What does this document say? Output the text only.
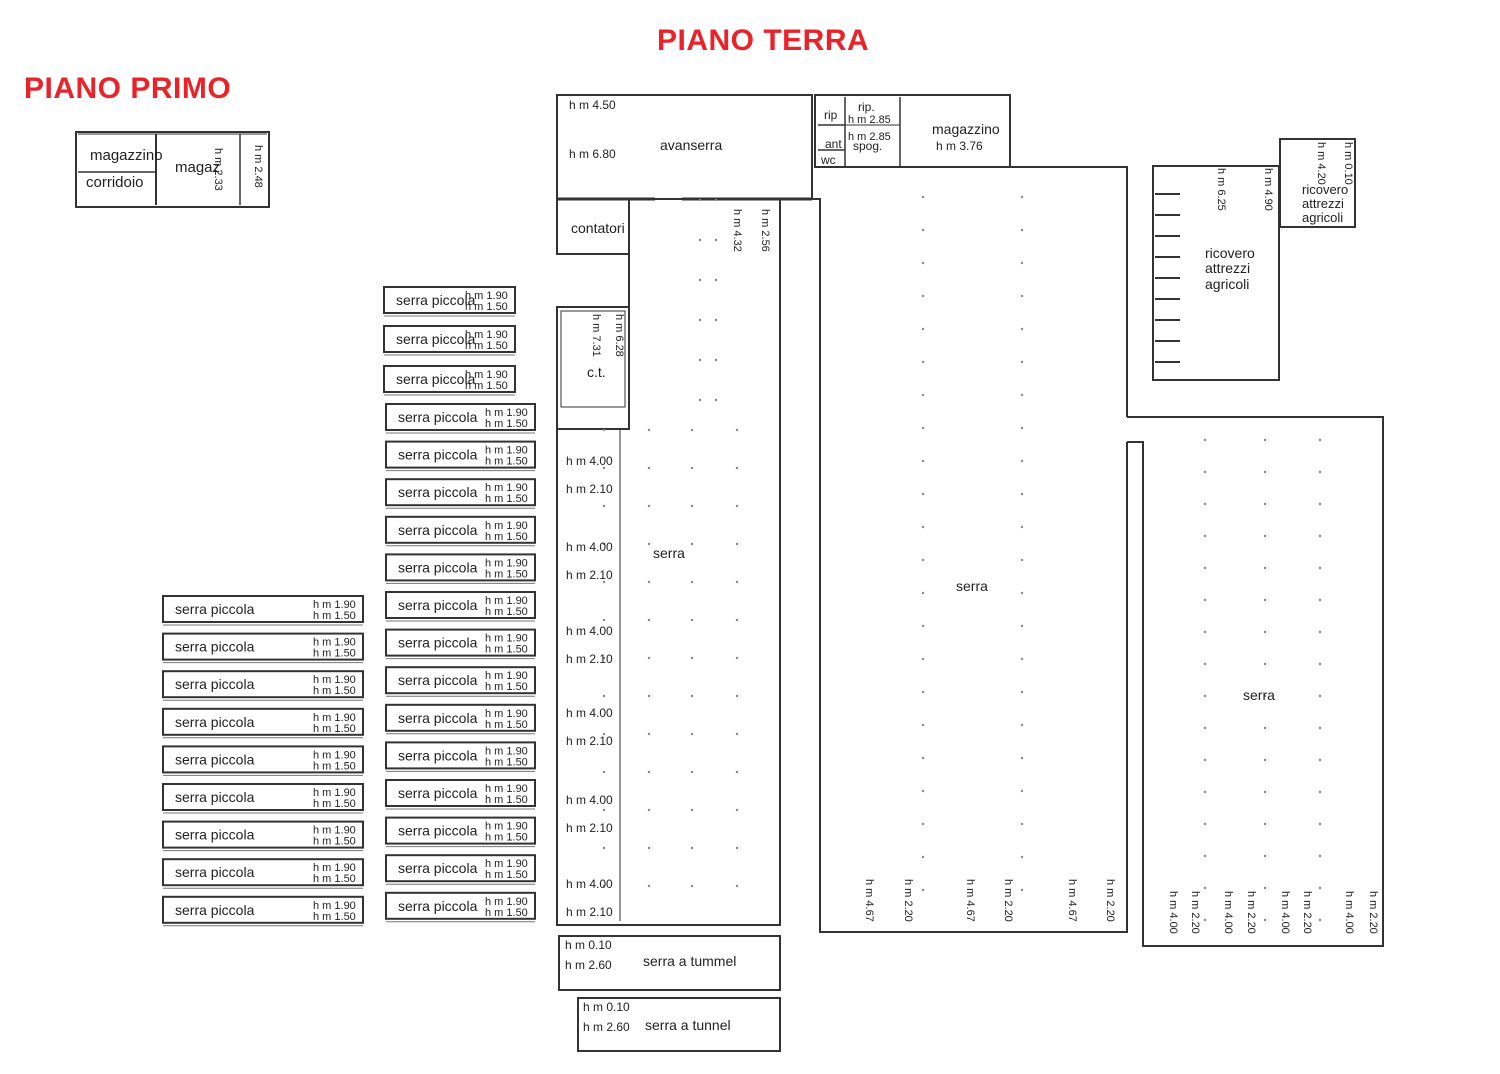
PIANO TERRA
PIANO PRIMO
serra piccola
h m 1.90
h m 1.50
serra piccola
h m 1.90
h m 1.50
serra piccola
h m 1.90
h m 1.50
serra piccola h m 1.90
h m 1.50
serra piccola h m 1.90
h m 1.50
serra piccola h m 1.90
h m 1.50
serra piccola h m 1.90
h m 1.50
serra piccola h m 1.90
h m 1.50
serra piccola h m 1.90
h m 1.50
serra piccola h m 1.90
h m 1.50
serra piccola h m 1.90
h m 1.50
serra piccola h m 1.90
h m 1.50
serra piccola h m 1.90
h m 1.50
serra piccola h m 1.90
h m 1.50
serra piccola h m 1.90
h m 1.50
serra piccola h m 1.90
h m 1.50
serra piccola h m 1.90
h m 1.50
serra piccola	h m 1.90
h m 1.50
serra piccola	h m 1.90
h m 1.50
serra piccola	h m 1.90
h m 1.50
serra piccola	h m 1.90
h m 1.50
serra piccola	h m 1.90
h m 1.50
serra piccola	h m 1.90
h m 1.50
serra piccola	h m 1.90
h m 1.50
serra piccola	h m 1.90
h m 1.50
serra piccola	h m 1.90
h m 1.50
magazzino
corridoio
magaz
h m 2.33	h m 2.48	avanserra
h m 4.50
h m 6.80
rip.
h m 2.85
rip
h m 2.85
ant spog.
wc
magazzino
h m 3.76
contatori
c.t.
h m 6.28
h m 7.31
serra
h m 4.32 h m 2.56
serra
serra
ricovero
attrezzi
agricoli
h m 6.25	h m 4.90 ricovero
attrezzi
agricoli
h m 4.20 h m 0.10
serra a tummel
h m 0.10
h m 2.60
serra a tunnel
h m 0.10
h m 2.60
h m 4.00
h m 2.10
h m 4.00
h m 2.10
h m 4.00
h m 2.10
h m 4.00
h m 2.10
h m 4.00
h m 2.10
h m 4.00
h m 2.10	h m 4.67 h m 2.20	h m 4.67 h m 2.20	h m 4.67 h m 2.20	h m 4.00 h m 2.20 h m 4.00 h m 2.20 h m 4.00 h m 2.20	h m 4.00 h m 2.20
